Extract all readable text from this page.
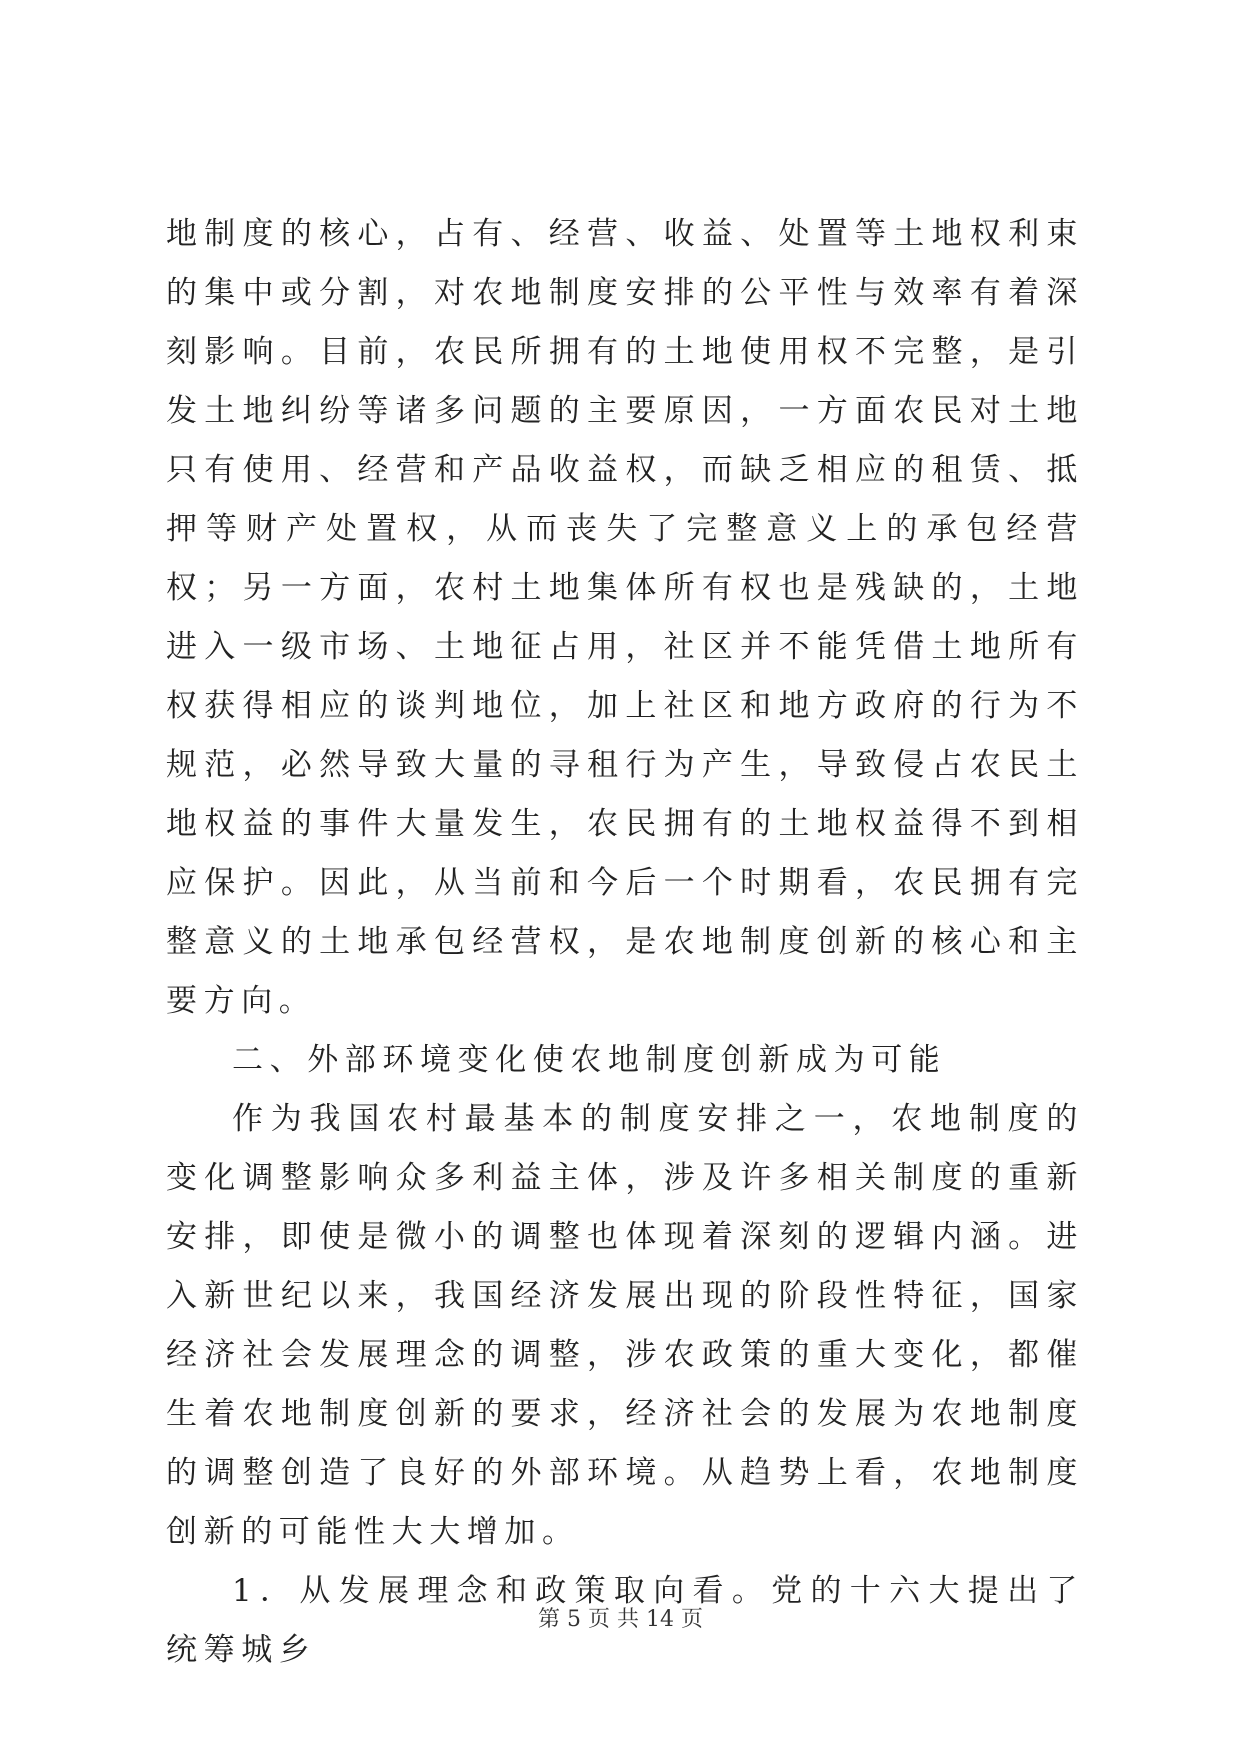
地制度的核心，占有、经营、收益、处置等土地权利束的集中或分割，对农地制度安排的公平性与效率有着深刻影响。目前，农民所拥有的土地使用权不完整，是引发土地纠纷等诸多问题的主要原因，一方面农民对土地只有使用、经营和产品收益权，而缺乏相应的租赁、抵押等财产处置权，从而丧失了完整意义上的承包经营权；另一方面，农村土地集体所有权也是残缺的，土地进入一级市场、土地征占用，社区并不能凭借土地所有权获得相应的谈判地位，加上社区和地方政府的行为不规范，必然导致大量的寻租行为产生，导致侵占农民土地权益的事件大量发生，农民拥有的土地权益得不到相应保护。因此，从当前和今后一个时期看，农民拥有完整意义的土地承包经营权，是农地制度创新的核心和主要方向。

二、外部环境变化使农地制度创新成为可能

作为我国农村最基本的制度安排之一，农地制度的变化调整影响众多利益主体，涉及许多相关制度的重新安排，即使是微小的调整也体现着深刻的逻辑内涵。进入新世纪以来，我国经济发展出现的阶段性特征，国家经济社会发展理念的调整，涉农政策的重大变化，都催生着农地制度创新的要求，经济社会的发展为农地制度的调整创造了良好的外部环境。从趋势上看，农地制度创新的可能性大大增加。

1．从发展理念和政策取向看。党的十六大提出了统筹城乡

第 5 页 共 14 页
